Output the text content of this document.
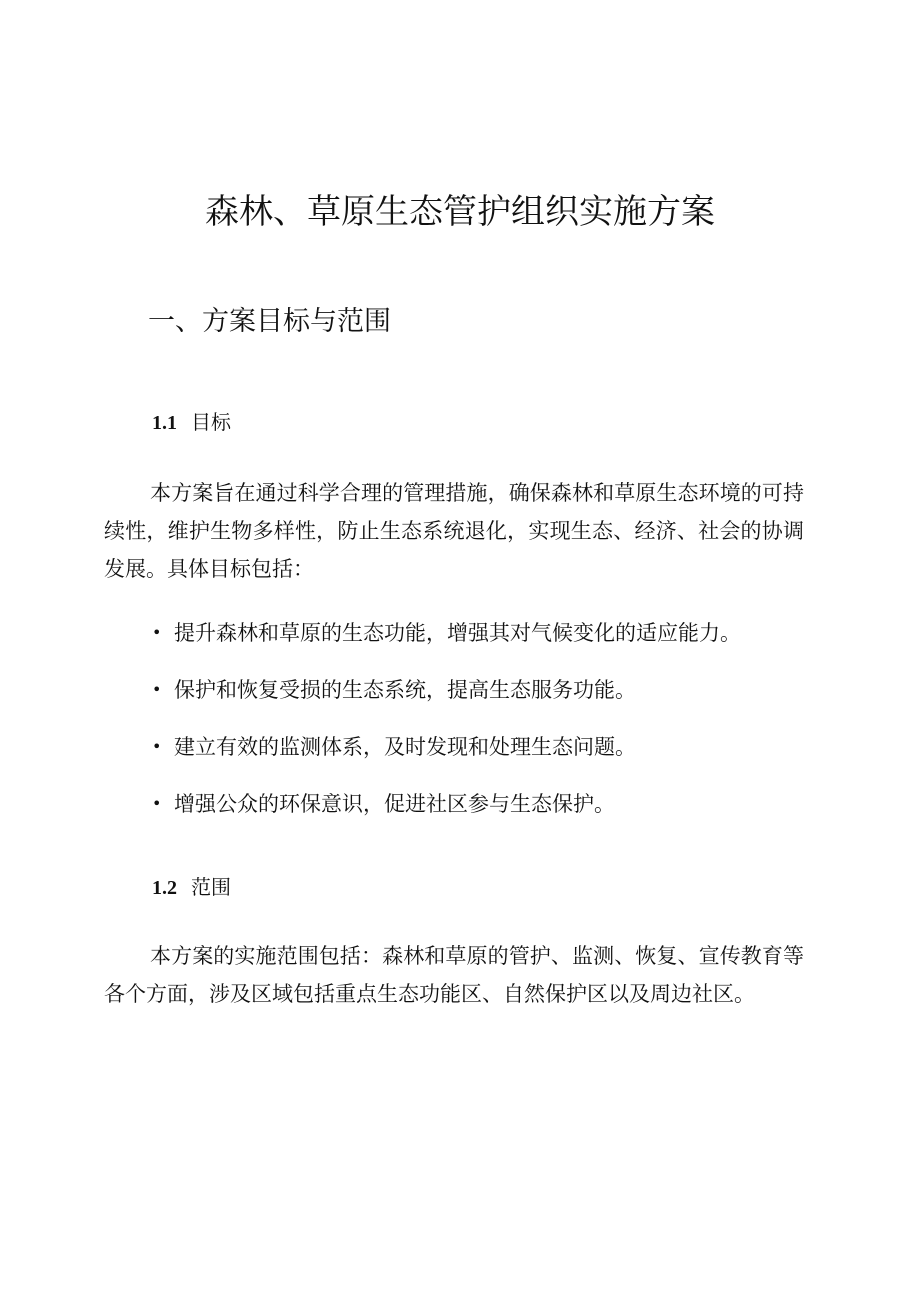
森林、草原生态管护组织实施方案
一、方案目标与范围
1.1 目标

本方案旨在通过科学合理的管理措施，确保森林和草原生态环境的可持续性，维护生物多样性，防止生态系统退化，实现生态、经济、社会的协调发展。具体目标包括：

• 提升森林和草原的生态功能，增强其对气候变化的适应能力。
• 保护和恢复受损的生态系统，提高生态服务功能。
• 建立有效的监测体系，及时发现和处理生态问题。
• 增强公众的环保意识，促进社区参与生态保护。
1.2 范围

本方案的实施范围包括：森林和草原的管护、监测、恢复、宣传教育等各个方面，涉及区域包括重点生态功能区、自然保护区以及周边社区。
